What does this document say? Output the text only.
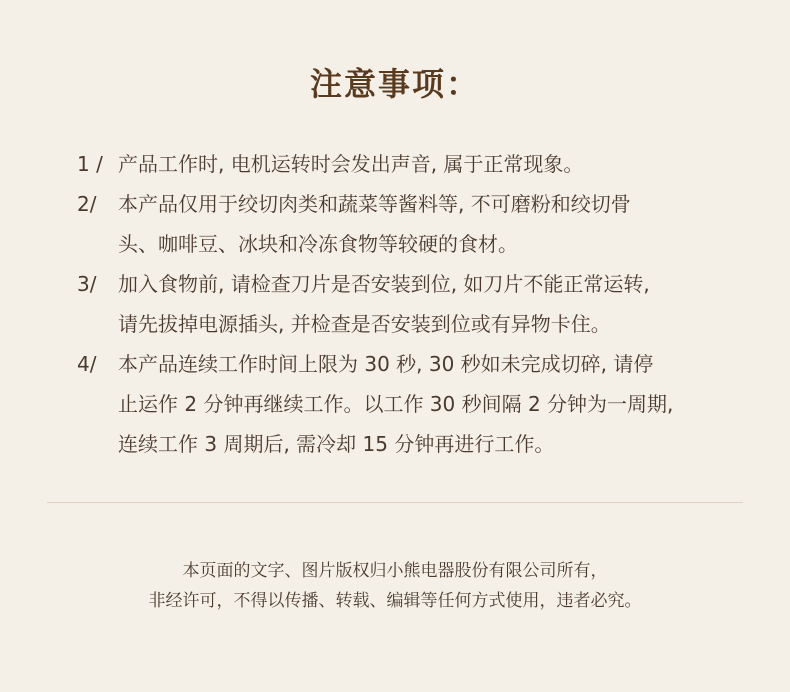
注意事项：
1 / 产品工作时, 电机运转时会发出声音, 属于正常现象。
2/ 本产品仅用于绞切肉类和蔬菜等酱料等, 不可磨粉和绞切骨
头、咖啡豆、冰块和冷冻食物等较硬的食材。
3/ 加入食物前, 请检查刀片是否安装到位, 如刀片不能正常运转,
请先拔掉电源插头, 并检查是否安装到位或有异物卡住。
4/ 本产品连续工作时间上限为 30 秒, 30 秒如未完成切碎, 请停
止运作 2 分钟再继续工作。以工作 30 秒间隔 2 分钟为一周期,
连续工作 3 周期后, 需冷却 15 分钟再进行工作。
本页面的文字、图片版权归小熊电器股份有限公司所有，
非经许可，不得以传播、转载、编辑等任何方式使用，违者必究。
